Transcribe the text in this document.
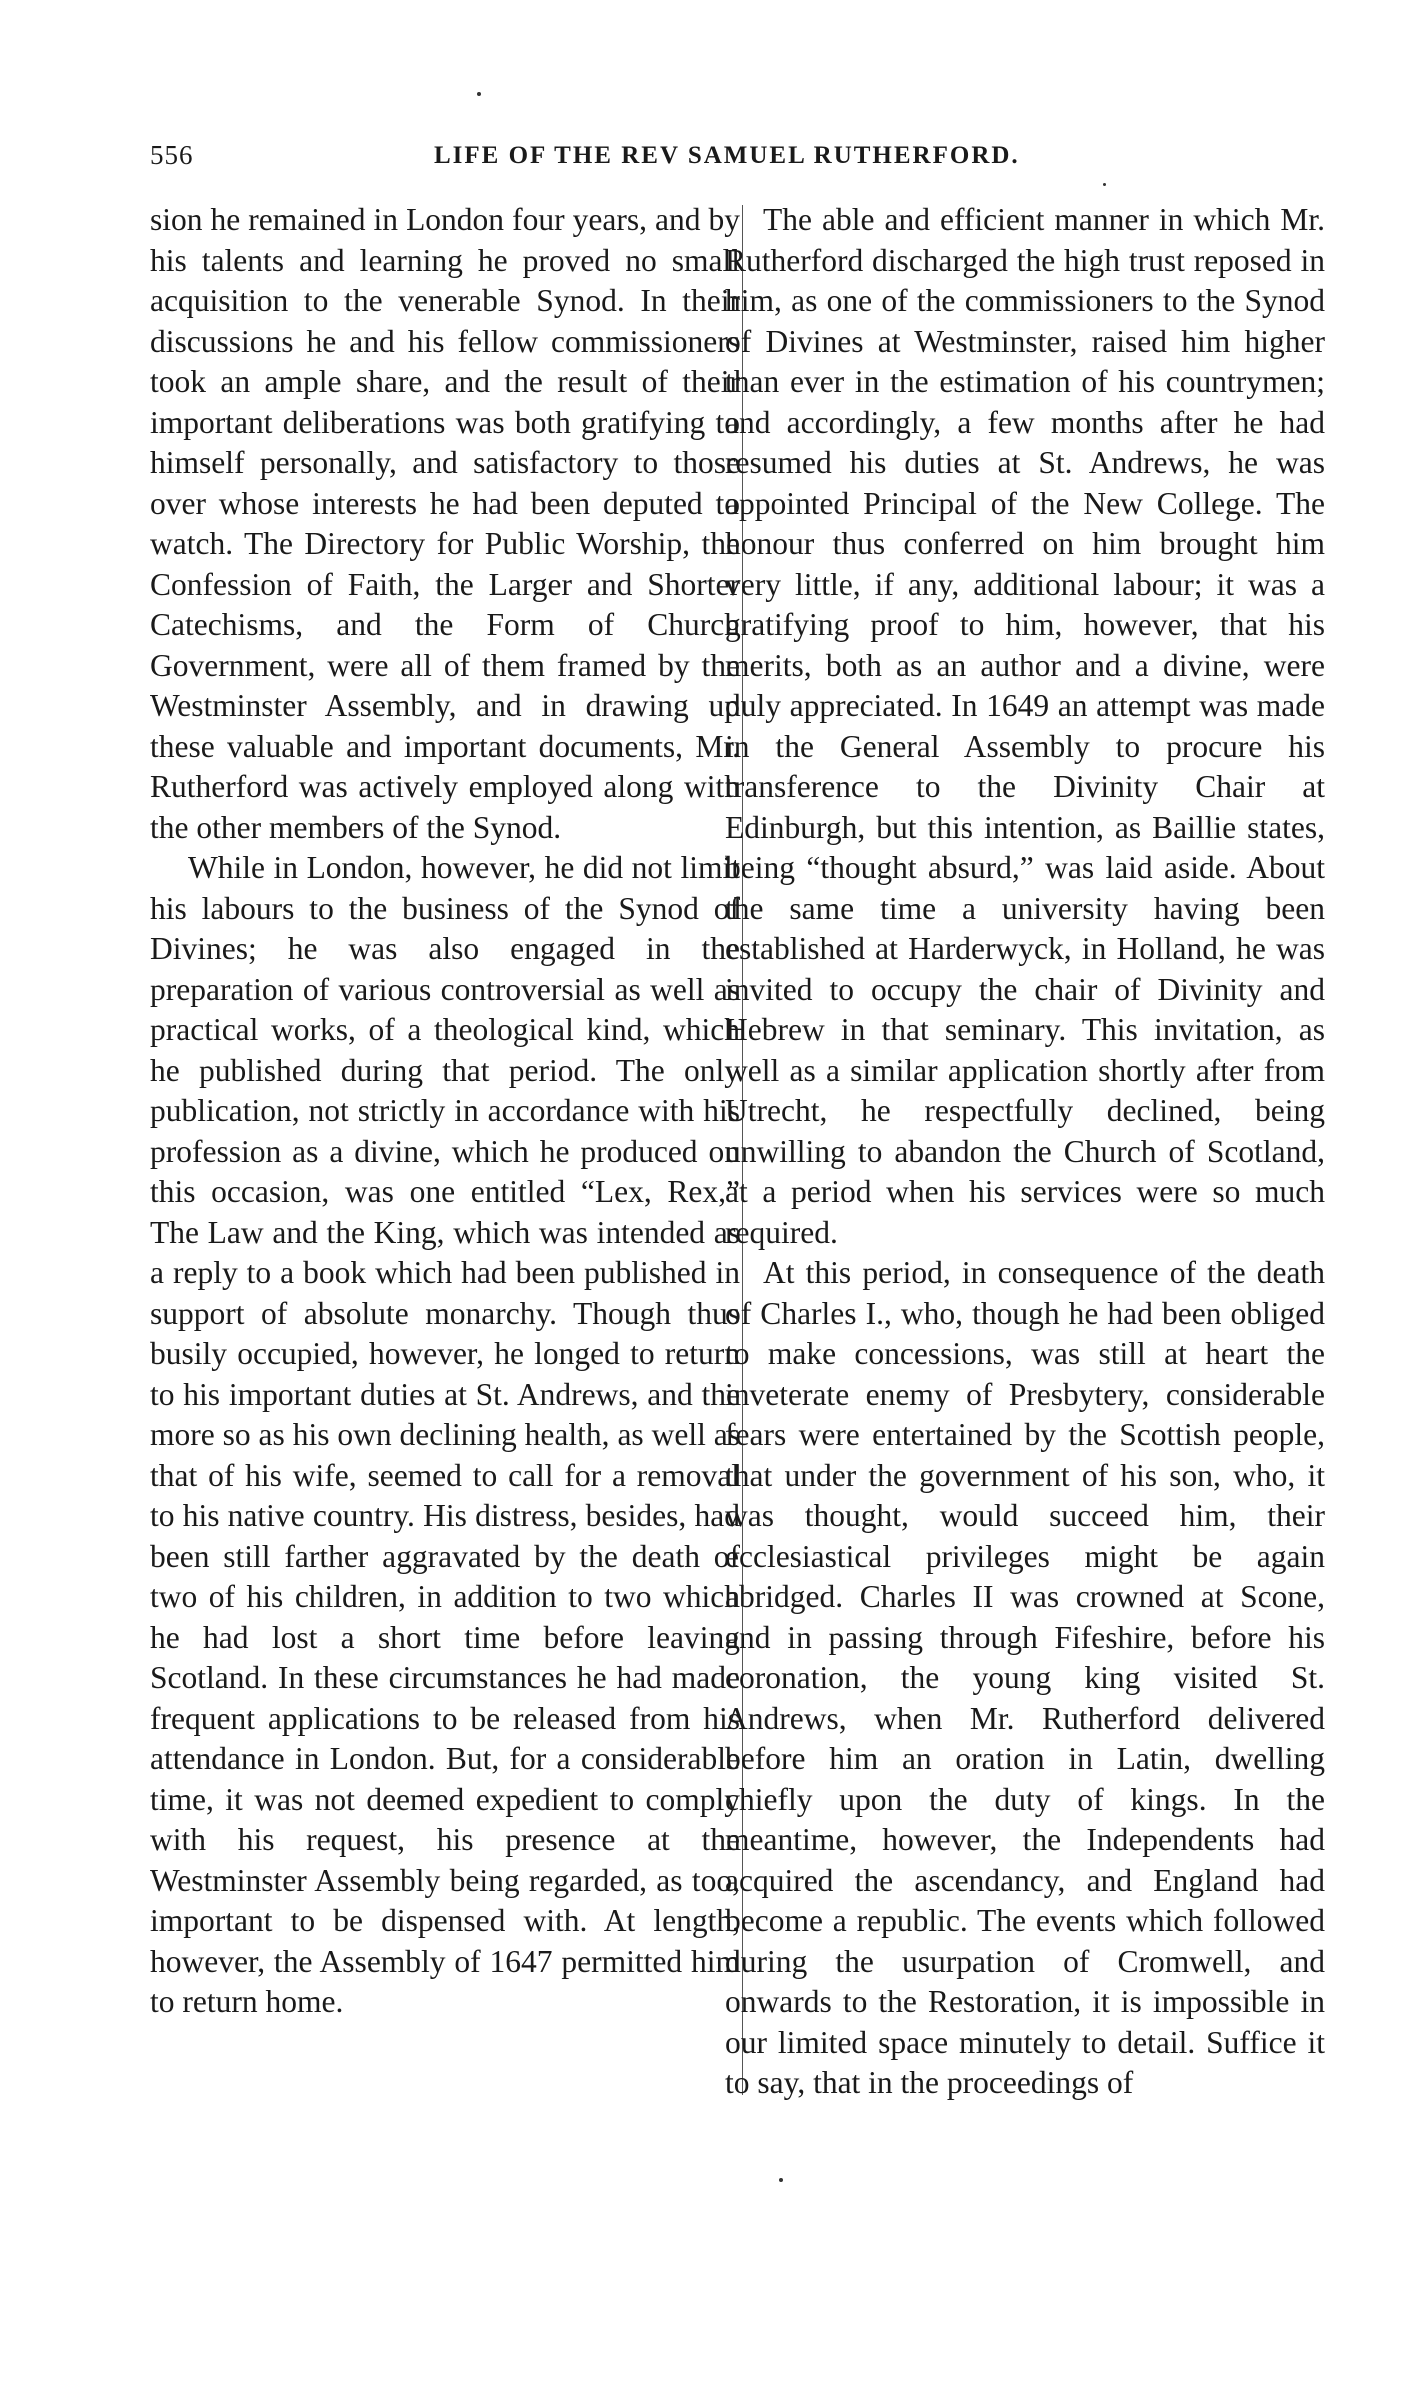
556	LIFE OF THE REV SAMUEL RUTHERFORD.

sion he remained in London four years, and by his talents and learning he proved no small acquisition to the venerable Synod. In their discussions he and his fellow commissioners took an ample share, and the result of their important deliberations was both gratifying to himself personally, and satisfactory to those over whose interests he had been deputed to watch. The Directory for Public Worship, the Confession of Faith, the Larger and Shorter Catechisms, and the Form of Church Government, were all of them framed by the Westminster Assembly, and in drawing up these valuable and important documents, Mr. Rutherford was actively employed along with the other members of the Synod.

While in London, however, he did not limit his labours to the business of the Synod of Divines; he was also engaged in the preparation of various controversial as well as practical works, of a theological kind, which he published during that period. The only publication, not strictly in accordance with his profession as a divine, which he produced on this occasion, was one entitled “Lex, Rex,” The Law and the King, which was intended as a reply to a book which had been published in support of absolute monarchy. Though thus busily occupied, however, he longed to return to his important duties at St. Andrews, and the more so as his own declining health, as well as that of his wife, seemed to call for a removal to his native country. His distress, besides, had been still farther aggravated by the death of two of his children, in addition to two which he had lost a short time before leaving Scotland. In these circumstances he had made frequent applications to be released from his attendance in London. But, for a considerable time, it was not deemed expedient to comply with his request, his presence at the Westminster Assembly being regarded, as too, important to be dispensed with. At length, however, the Assembly of 1647 permitted him to return home.

The able and efficient manner in which Mr. Rutherford discharged the high trust reposed in him, as one of the commissioners to the Synod of Divines at Westminster, raised him higher than ever in the estimation of his countrymen; and accordingly, a few months after he had resumed his duties at St. Andrews, he was appointed Principal of the New College. The honour thus conferred on him brought him very little, if any, additional labour; it was a gratifying proof to him, however, that his merits, both as an author and a divine, were duly appreciated. In 1649 an attempt was made in the General Assembly to procure his transference to the Divinity Chair at Edinburgh, but this intention, as Baillie states, being “thought absurd,” was laid aside. About the same time a university having been established at Harderwyck, in Holland, he was invited to occupy the chair of Divinity and Hebrew in that seminary. This invitation, as well as a similar application shortly after from Utrecht, he respectfully declined, being unwilling to abandon the Church of Scotland, at a period when his services were so much required.

At this period, in consequence of the death of Charles I., who, though he had been obliged to make concessions, was still at heart the inveterate enemy of Presbytery, considerable fears were entertained by the Scottish people, that under the government of his son, who, it was thought, would succeed him, their ecclesiastical privileges might be again abridged. Charles II was crowned at Scone, and in passing through Fifeshire, before his coronation, the young king visited St. Andrews, when Mr. Rutherford delivered before him an oration in Latin, dwelling chiefly upon the duty of kings. In the meantime, however, the Independents had acquired the ascendancy, and England had become a republic. The events which followed during the usurpation of Cromwell, and onwards to the Restoration, it is impossible in our limited space minutely to detail. Suffice it to say, that in the proceedings of
